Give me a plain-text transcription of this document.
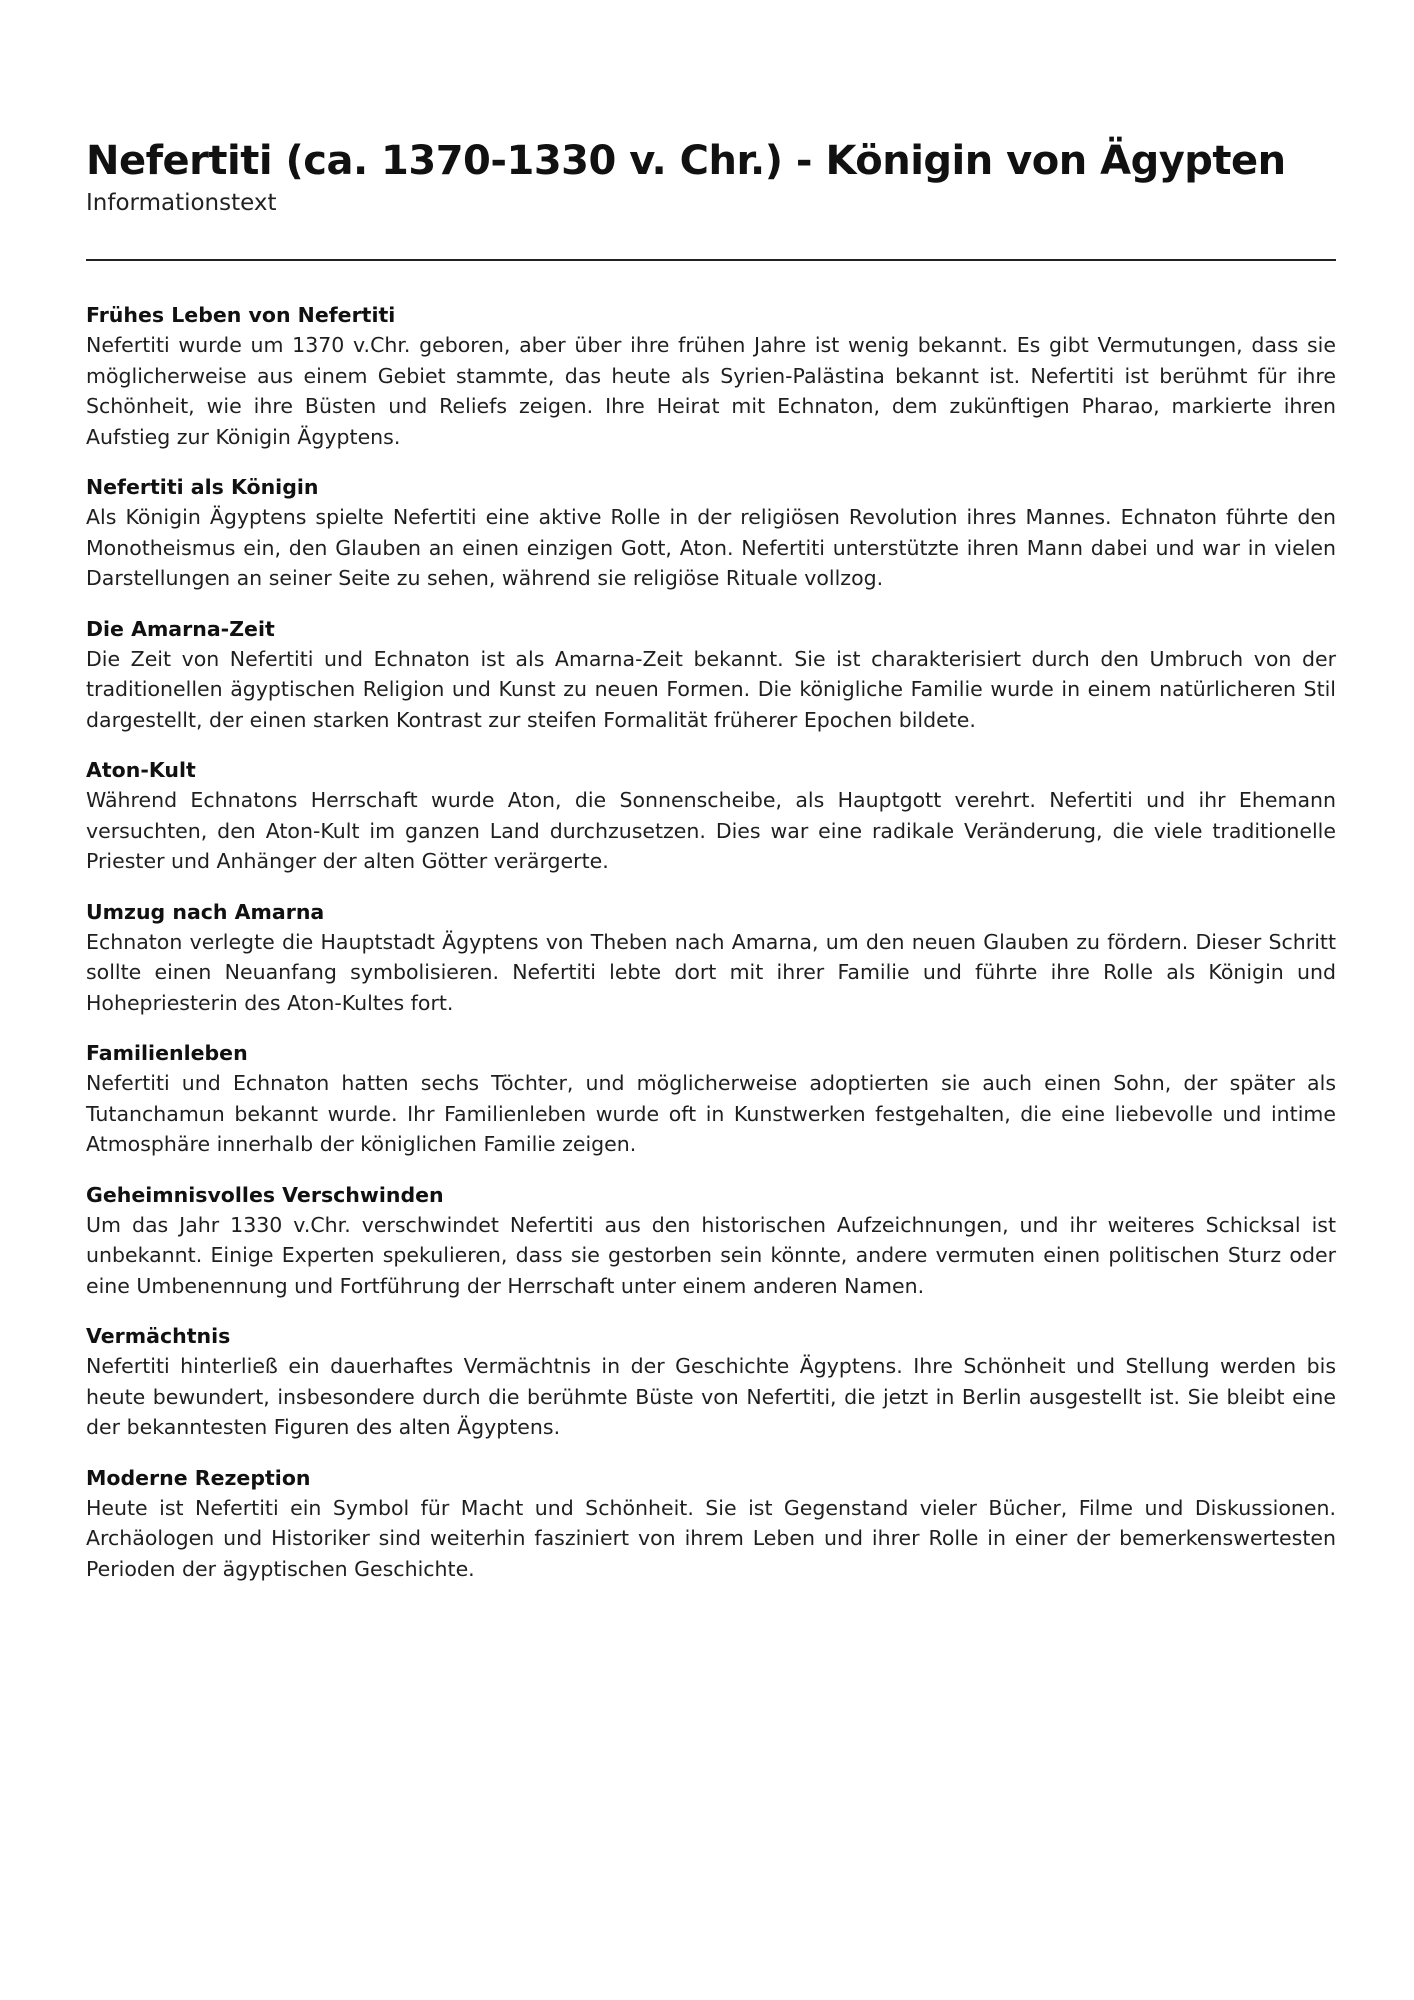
Nefertiti (ca. 1370-1330 v. Chr.) - Königin von Ägypten
Informationstext
Frühes Leben von Nefertiti

Nefertiti wurde um 1370 v.Chr. geboren, aber über ihre frühen Jahre ist wenig bekannt. Es gibt Vermutungen, dass sie möglicherweise aus einem Gebiet stammte, das heute als Syrien-Palästina bekannt ist. Nefertiti ist berühmt für ihre Schönheit, wie ihre Büsten und Reliefs zeigen. Ihre Heirat mit Echnaton, dem zukünftigen Pharao, markierte ihren Aufstieg zur Königin Ägyptens.

Nefertiti als Königin

Als Königin Ägyptens spielte Nefertiti eine aktive Rolle in der religiösen Revolution ihres Mannes. Echnaton führte den Monotheismus ein, den Glauben an einen einzigen Gott, Aton. Nefertiti unterstützte ihren Mann dabei und war in vielen Darstellungen an seiner Seite zu sehen, während sie religiöse Rituale vollzog.

Die Amarna-Zeit

Die Zeit von Nefertiti und Echnaton ist als Amarna-Zeit bekannt. Sie ist charakterisiert durch den Umbruch von der traditionellen ägyptischen Religion und Kunst zu neuen Formen. Die königliche Familie wurde in einem natürlicheren Stil dargestellt, der einen starken Kontrast zur steifen Formalität früherer Epochen bildete.

Aton-Kult

Während Echnatons Herrschaft wurde Aton, die Sonnenscheibe, als Hauptgott verehrt. Nefertiti und ihr Ehemann versuchten, den Aton-Kult im ganzen Land durchzusetzen. Dies war eine radikale Veränderung, die viele traditionelle Priester und Anhänger der alten Götter verärgerte.

Umzug nach Amarna

Echnaton verlegte die Hauptstadt Ägyptens von Theben nach Amarna, um den neuen Glauben zu fördern. Dieser Schritt sollte einen Neuanfang symbolisieren. Nefertiti lebte dort mit ihrer Familie und führte ihre Rolle als Königin und Hohepriesterin des Aton-Kultes fort.

Familienleben

Nefertiti und Echnaton hatten sechs Töchter, und möglicherweise adoptierten sie auch einen Sohn, der später als Tutanchamun bekannt wurde. Ihr Familienleben wurde oft in Kunstwerken festgehalten, die eine liebevolle und intime Atmosphäre innerhalb der königlichen Familie zeigen.

Geheimnisvolles Verschwinden

Um das Jahr 1330 v.Chr. verschwindet Nefertiti aus den historischen Aufzeichnungen, und ihr weiteres Schicksal ist unbekannt. Einige Experten spekulieren, dass sie gestorben sein könnte, andere vermuten einen politischen Sturz oder eine Umbenennung und Fortführung der Herrschaft unter einem anderen Namen.

Vermächtnis

Nefertiti hinterließ ein dauerhaftes Vermächtnis in der Geschichte Ägyptens. Ihre Schönheit und Stellung werden bis heute bewundert, insbesondere durch die berühmte Büste von Nefertiti, die jetzt in Berlin ausgestellt ist. Sie bleibt eine der bekanntesten Figuren des alten Ägyptens.

Moderne Rezeption

Heute ist Nefertiti ein Symbol für Macht und Schönheit. Sie ist Gegenstand vieler Bücher, Filme und Diskussionen. Archäologen und Historiker sind weiterhin fasziniert von ihrem Leben und ihrer Rolle in einer der bemerkenswertesten Perioden der ägyptischen Geschichte.
